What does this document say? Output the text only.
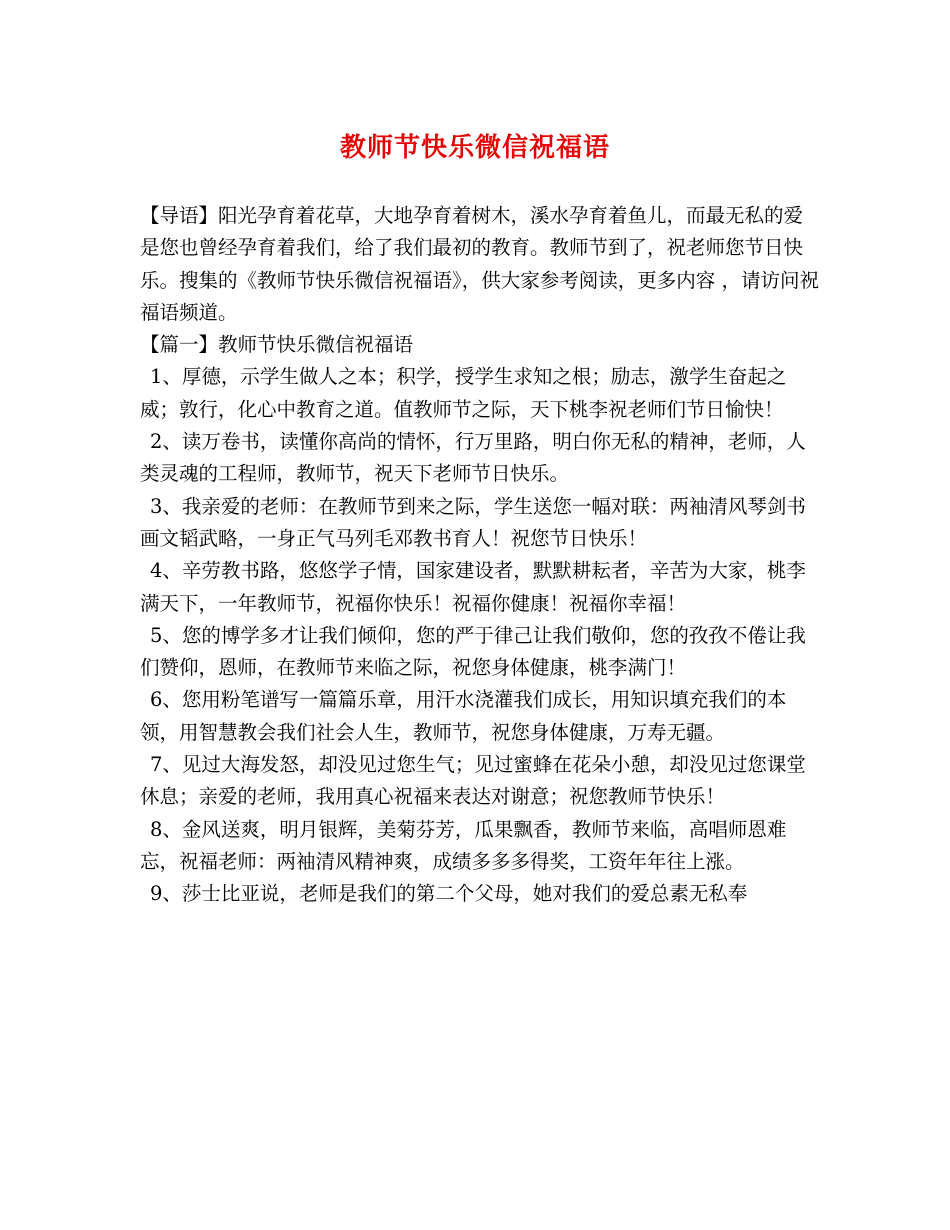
教师节快乐微信祝福语

【导语】阳光孕育着花草，大地孕育着树木，溪水孕育着鱼儿，而最无私的爱是您也曾经孕育着我们，给了我们最初的教育。教师节到了，祝老师您节日快乐。搜集的《教师节快乐微信祝福语》，供大家参考阅读，更多内容 ，请访问祝福语频道。

【篇一】教师节快乐微信祝福语

1、厚德，示学生做人之本；积学，授学生求知之根；励志，激学生奋起之威；敦行，化心中教育之道。值教师节之际，天下桃李祝老师们节日愉快！

2、读万卷书，读懂你高尚的情怀，行万里路，明白你无私的精神，老师，人类灵魂的工程师，教师节，祝天下老师节日快乐。

3、我亲爱的老师：在教师节到来之际，学生送您一幅对联：两袖清风琴剑书画文韬武略，一身正气马列毛邓教书育人！祝您节日快乐！

4、辛劳教书路，悠悠学子情，国家建设者，默默耕耘者，辛苦为大家，桃李满天下，一年教师节，祝福你快乐！祝福你健康！祝福你幸福！

5、您的博学多才让我们倾仰，您的严于律己让我们敬仰，您的孜孜不倦让我们赞仰，恩师，在教师节来临之际，祝您身体健康，桃李满门！

6、您用粉笔谱写一篇篇乐章，用汗水浇灌我们成长，用知识填充我们的本领，用智慧教会我们社会人生，教师节，祝您身体健康，万寿无疆。

7、见过大海发怒，却没见过您生气；见过蜜蜂在花朵小憩，却没见过您课堂休息；亲爱的老师，我用真心祝福来表达对谢意；祝您教师节快乐！

8、金风送爽，明月银辉，美菊芬芳，瓜果飘香，教师节来临，高唱师恩难忘，祝福老师：两袖清风精神爽，成绩多多多得奖，工资年年往上涨。

9、莎士比亚说，老师是我们的第二个父母，她对我们的爱总素无私奉
